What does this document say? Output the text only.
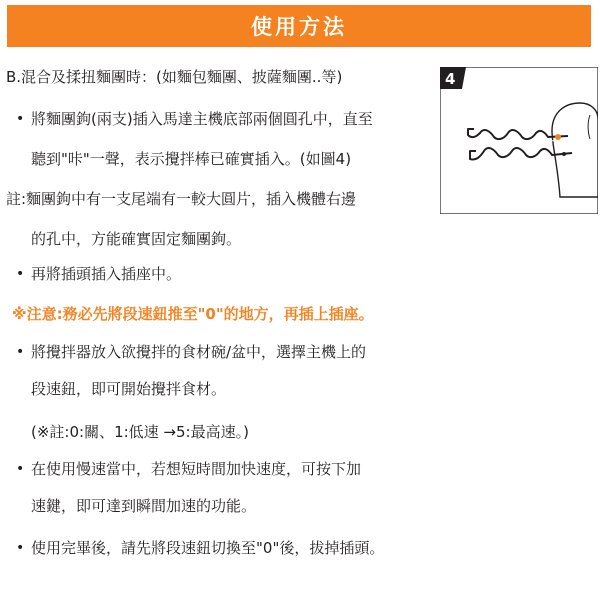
使用方法
B.混合及揉扭麵團時：(如麵包麵團、披薩麵團..等)
• 將麵團鉤(兩支)插入馬達主機底部兩個圓孔中，直至
聽到"咔"一聲，表示攪拌棒已確實插入。(如圖4)
註:麵團鉤中有一支尾端有一較大圓片，插入機體右邊
的孔中，方能確實固定麵團鉤。
• 再將插頭插入插座中。
※注意:務必先將段速鈕推至"0"的地方，再插上插座。
• 將攪拌器放入欲攪拌的食材碗/盆中，選擇主機上的
段速鈕，即可開始攪拌食材。
(※註:0:關、1:低速 →5:最高速。)
• 在使用慢速當中，若想短時間加快速度，可按下加
速鍵，即可達到瞬間加速的功能。
• 使用完畢後，請先將段速鈕切換至"0"後，拔掉插頭。
4
